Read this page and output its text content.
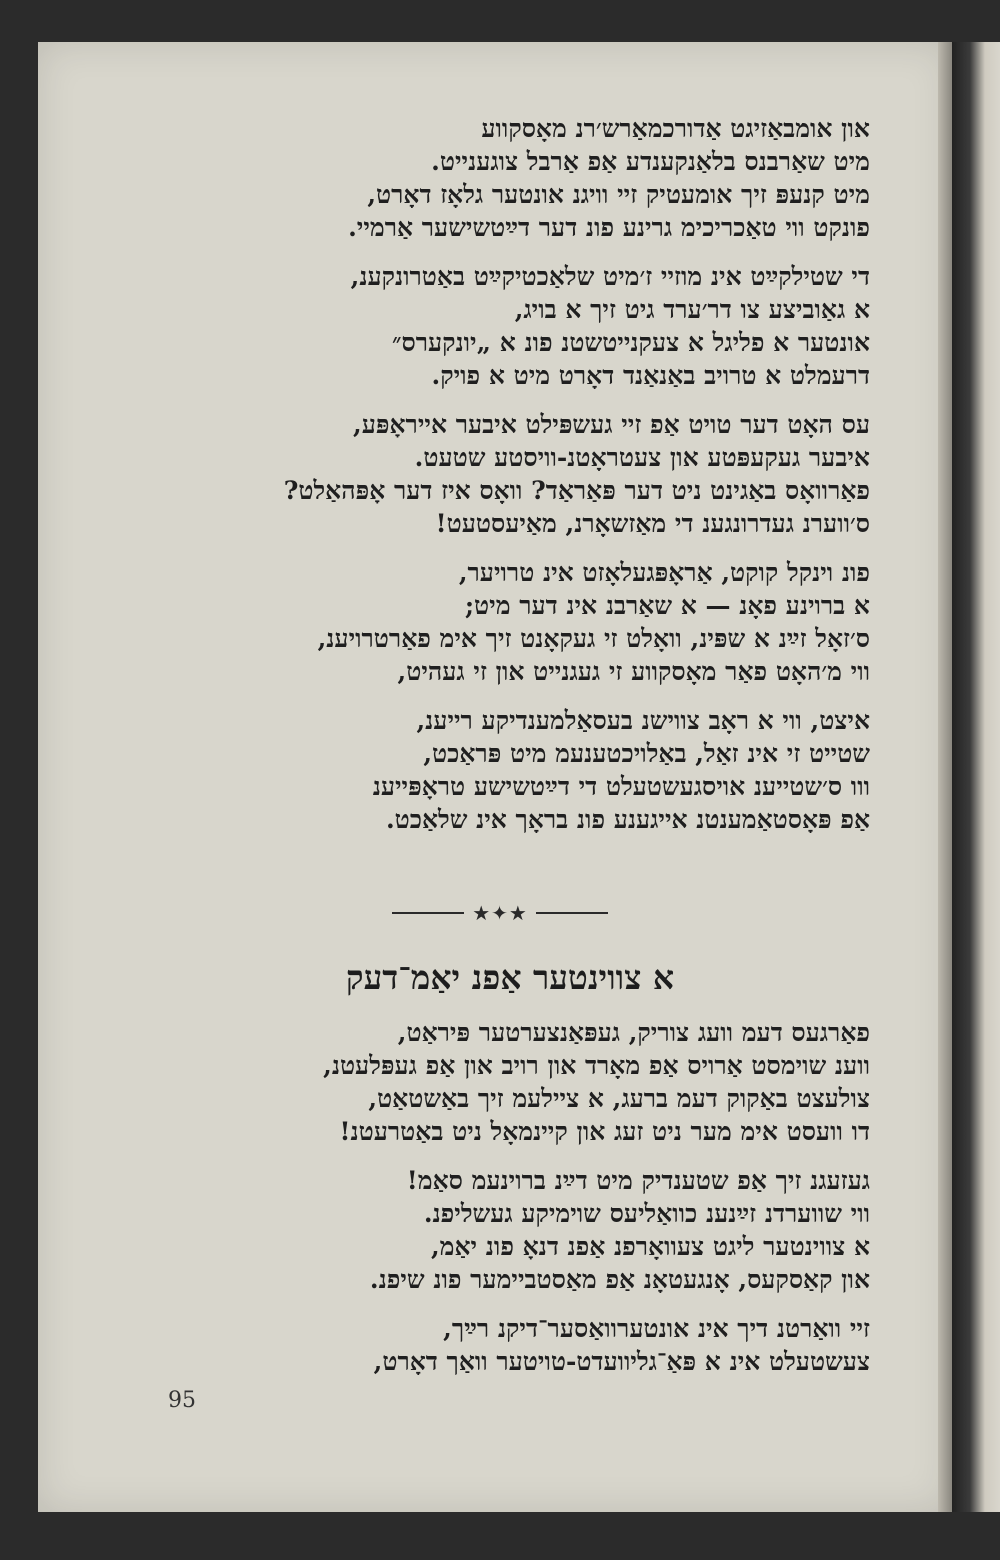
און אומבאַזיגט אַדורכמאַרש׳רנ מאָסקווע
מיט שאַרבנס בלאַנקענדע אַפ אַרבל צוגענייט.
מיט קנעפּ זיך אומעטיק זיי וויגנ אונטער גלאָז דאָרט,
פונקט ווי טאַכריכימ גרינע פונ דער דײַטשישער אַרמיי.
די שטילקײַט אינ מוזיי ז׳מיט שלאַכטיקײַט באַטרונקענ,
א גאַוביצע צו דר׳ערד גיט זיך א בויג,
אונטער א פליגל א צעקנייטשטנ פונ א „יונקערס״
דרעמלט א טרויב באַנאַנד דאָרט מיט א פויק.
עס האָט דער טויט אַפ זיי געשפּילט איבער אייראָפּע,
איבער געקעפּטע און צעטראָטנ-וויסטע שטעט.
פאַרוואָס באַגינט ניט דער פּאַראַד? וואָס איז דער אָפּהאַלט?
ס׳ווערנ געדרונגענ די מאַזשאָרנ, מאַיעסטעט!
פונ וינקל קוקט, אַראָפּגעלאָזט אינ טרויער,
א ברוינע פאָנ — א שאַרבנ אינ דער מיט;
ס׳זאָל זײַנ א שפּינ, וואָלט זי געקאָנט זיך אימ פאַרטרויענ,
ווי מ׳האָט פאַר מאָסקווע זי געגנייט און זי געהיט,
איצט, ווי א ראָב צווישנ בעסאַלמענדיקע רייענ,
שטייט זי אינ זאַל, באַלויכטענעמ מיט פּראַכט,
ווו ס׳שטייענ אויסגעשטעלט די דײַטשישע טראָפּייענ
אַפ פּאָסטאַמענטנ אייגענע פונ בראָך אינ שלאַכט.
★✦★
א צווינטער אַפנ יאַמ־דעק
פאַרגעס דעמ וועג צוריק, געפּאַנצערטער פּיראַט,
ווענ שוימסט אַרויס אַפ מאָרד און רויב און אַפ געפּלעטנ,
צולעצט באַקוק דעמ ברעג, א ציילעמ זיך באַשטאַט,
דו וועסט אימ מער ניט זעג און קיינמאָל ניט באַטרעטנ!
געזעגנ זיך אַפ שטענדיק מיט דײַנ ברוינעמ סאַמ!
ווי שווערדנ זײַנענ כוואַליעס שוימיקע געשליפנ.
א צווינטער ליגט צעוואָרפנ אַפנ דנאָ פונ יאַמ,
און קאַסקעס, אָנגעטאָנ אַפ מאַסטביימער פונ שיפנ.
זיי וואַרטנ דיך אינ אונטערוואַסער־דיקנ רײַך,
צעשטעלט אינ א פּאַ־גליוועדט-טויטער וואַך דאָרט,
95
